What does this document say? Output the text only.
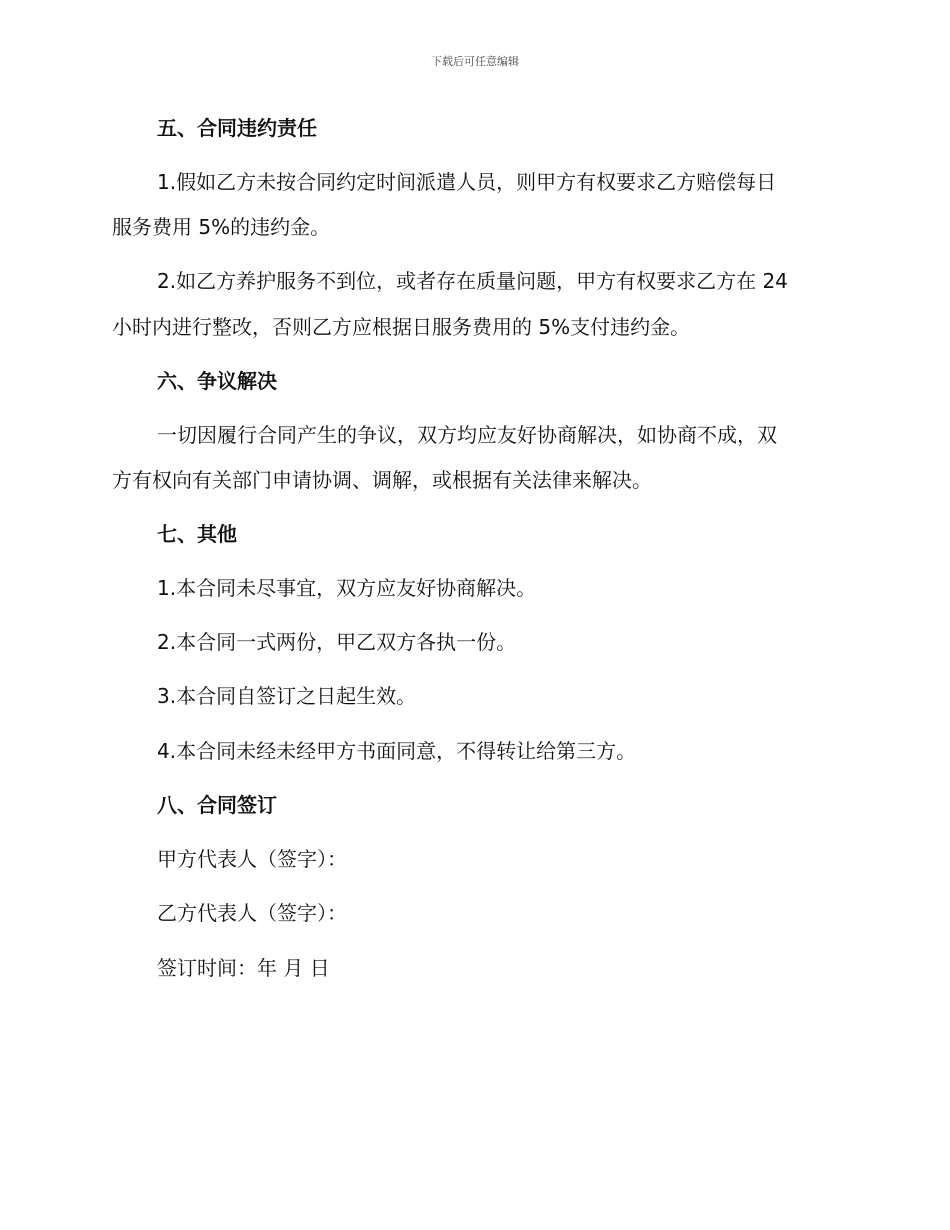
下载后可任意编辑
五、合同违约责任
1.假如乙方未按合同约定时间派遣人员，则甲方有权要求乙方赔偿每日
服务费用 5%的违约金。
2.如乙方养护服务不到位，或者存在质量问题，甲方有权要求乙方在 24
小时内进行整改，否则乙方应根据日服务费用的 5%支付违约金。
六、争议解决
一切因履行合同产生的争议，双方均应友好协商解决，如协商不成，双
方有权向有关部门申请协调、调解，或根据有关法律来解决。
七、其他
1.本合同未尽事宜，双方应友好协商解决。
2.本合同一式两份，甲乙双方各执一份。
3.本合同自签订之日起生效。
4.本合同未经未经甲方书面同意，不得转让给第三方。
八、合同签订
甲方代表人（签字）：
乙方代表人（签字）：
签订时间：年 月 日
